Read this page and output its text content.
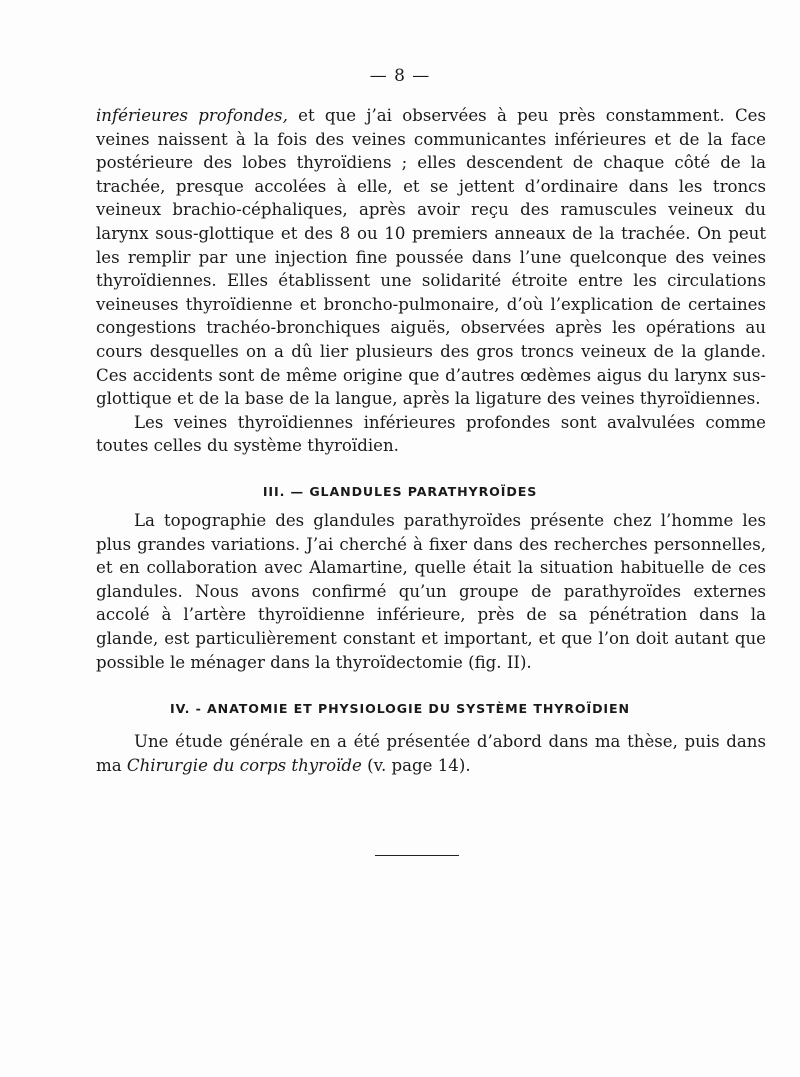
— 8 —

inférieures profondes, et que j’ai observées à peu près constamment. Ces veines naissent à la fois des veines communicantes inférieures et de la face postérieure des lobes thyroïdiens ; elles descendent de chaque côté de la trachée, presque accolées à elle, et se jettent d’ordinaire dans les troncs veineux brachio-céphaliques, après avoir reçu des ramuscules veineux du larynx sous-glottique et des 8 ou 10 premiers anneaux de la trachée. On peut les remplir par une injection fine poussée dans l’une quelconque des veines thyroïdiennes. Elles établissent une solidarité étroite entre les circulations veineuses thyroïdienne et broncho-pulmonaire, d’où l’explication de certaines congestions trachéo-bronchiques aiguës, observées après les opérations au cours desquelles on a dû lier plusieurs des gros troncs veineux de la glande. Ces accidents sont de même origine que d’autres œdèmes aigus du larynx sus-glottique et de la base de la langue, après la ligature des veines thyroïdiennes.

Les veines thyroïdiennes inférieures profondes sont avalvulées comme toutes celles du système thyroïdien.

III. — GLANDULES PARATHYROÏDES

La topographie des glandules parathyroïdes présente chez l’homme les plus grandes variations. J’ai cherché à fixer dans des recherches personnelles, et en collaboration avec Alamartine, quelle était la situation habituelle de ces glandules. Nous avons confirmé qu’un groupe de parathyroïdes externes accolé à l’artère thyroïdienne inférieure, près de sa pénétration dans la glande, est particulièrement constant et important, et que l’on doit autant que possible le ménager dans la thyroïdectomie (fig. II).

IV. - ANATOMIE ET PHYSIOLOGIE DU SYSTÈME THYROÏDIEN

Une étude générale en a été présentée d’abord dans ma thèse, puis dans ma Chirurgie du corps thyroïde (v. page 14).
